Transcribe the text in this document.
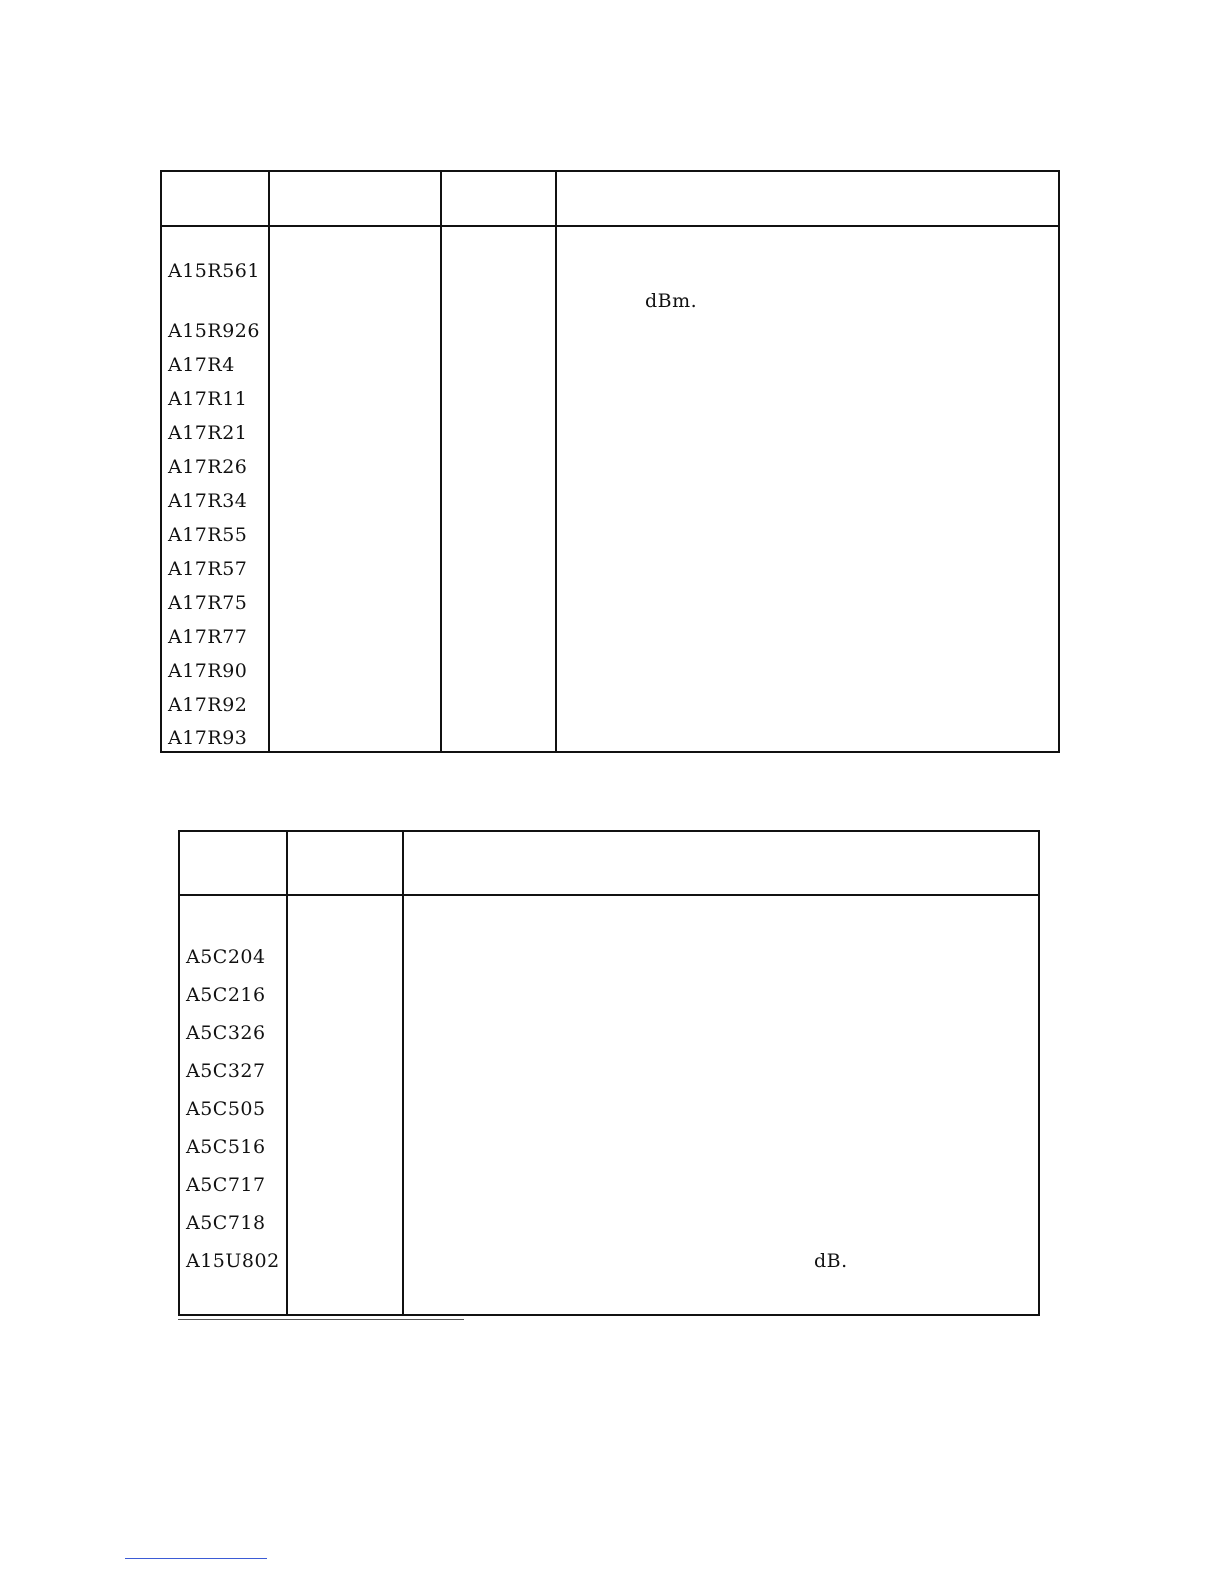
A15R561
dBm.
A15R926
A17R4
A17R11
A17R21
A17R26
A17R34
A17R55
A17R57
A17R75
A17R77
A17R90
A17R92
A17R93
A5C204
A5C216
A5C326
A5C327
A5C505
A5C516
A5C717
A5C718
A15U802	dB.
